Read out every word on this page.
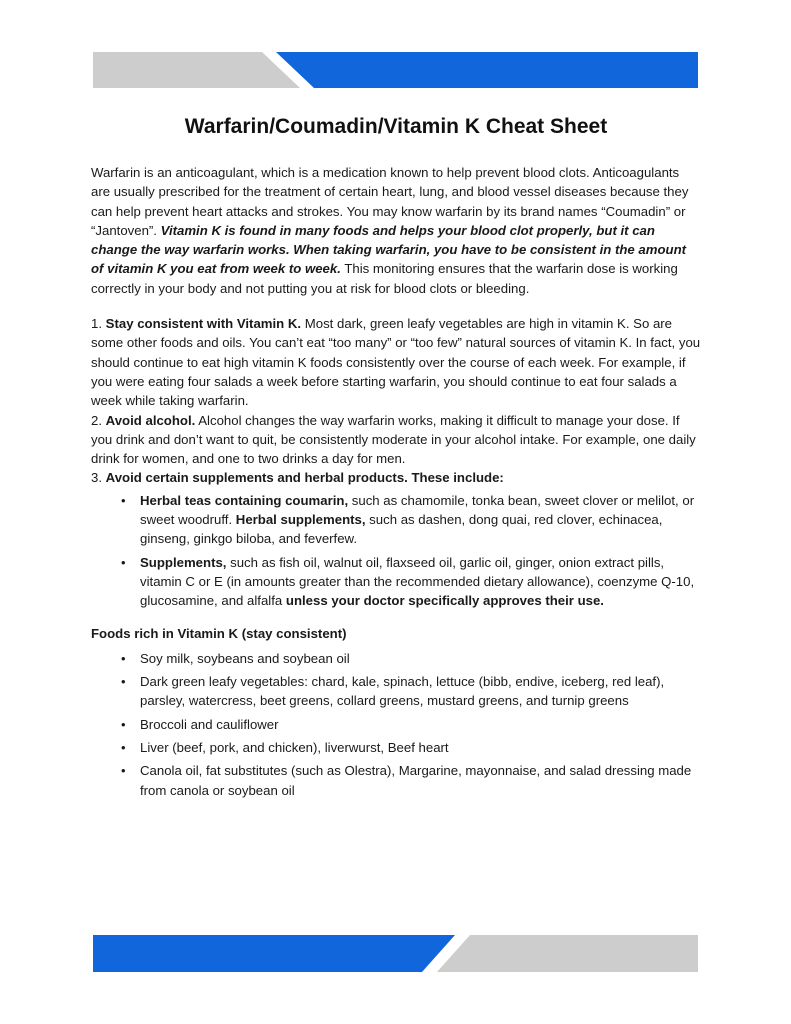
Warfarin/Coumadin/Vitamin K Cheat Sheet

Warfarin is an anticoagulant, which is a medication known to help prevent blood clots. Anticoagulants are usually prescribed for the treatment of certain heart, lung, and blood vessel diseases because they can help prevent heart attacks and strokes. You may know warfarin by its brand names “Coumadin” or “Jantoven”. Vitamin K is found in many foods and helps your blood clot properly, but it can change the way warfarin works. When taking warfarin, you have to be consistent in the amount of vitamin K you eat from week to week. This monitoring ensures that the warfarin dose is working correctly in your body and not putting you at risk for blood clots or bleeding.

1. Stay consistent with Vitamin K. Most dark, green leafy vegetables are high in vitamin K. So are some other foods and oils. You can’t eat “too many” or “too few” natural sources of vitamin K. In fact, you should continue to eat high vitamin K foods consistently over the course of each week. For example, if you were eating four salads a week before starting warfarin, you should continue to eat four salads a week while taking warfarin.

2. Avoid alcohol. Alcohol changes the way warfarin works, making it difficult to manage your dose. If you drink and don’t want to quit, be consistently moderate in your alcohol intake. For example, one daily drink for women, and one to two drinks a day for men.

3. Avoid certain supplements and herbal products. These include:

•	Herbal teas containing coumarin, such as chamomile, tonka bean, sweet clover or melilot, or sweet woodruff. Herbal supplements, such as dashen, dong quai, red clover, echinacea, ginseng, ginkgo biloba, and feverfew.
•	Supplements, such as fish oil, walnut oil, flaxseed oil, garlic oil, ginger, onion extract pills, vitamin C or E (in amounts greater than the recommended dietary allowance), coenzyme Q-10, glucosamine, and alfalfa unless your doctor specifically approves their use.

Foods rich in Vitamin K (stay consistent)

•	Soy milk, soybeans and soybean oil
•	Dark green leafy vegetables: chard, kale, spinach, lettuce (bibb, endive, iceberg, red leaf), parsley, watercress, beet greens, collard greens, mustard greens, and turnip greens
•	Broccoli and cauliflower
•	Liver (beef, pork, and chicken), liverwurst, Beef heart
•	Canola oil, fat substitutes (such as Olestra), Margarine, mayonnaise, and salad dressing made from canola or soybean oil
